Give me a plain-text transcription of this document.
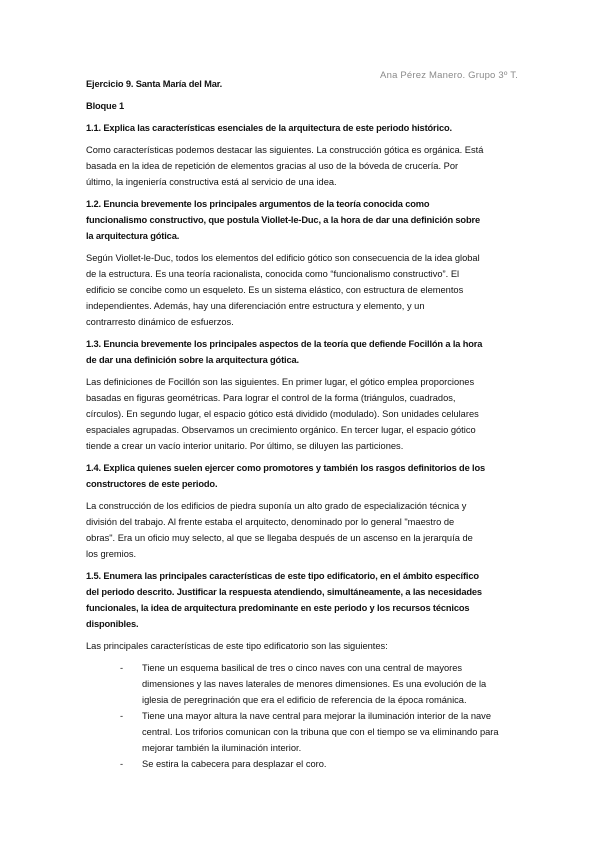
Ana Pérez Manero. Grupo 3º T.
Ejercicio 9. Santa María del Mar.
Bloque 1
1.1. Explica las características esenciales de la arquitectura de este periodo histórico.
Como características podemos destacar las siguientes. La construcción gótica es orgánica. Está
basada en la idea de repetición de elementos gracias al uso de la bóveda de crucería. Por
último, la ingeniería constructiva está al servicio de una idea.
1.2. Enuncia brevemente los principales argumentos de la teoría conocida como
funcionalismo constructivo, que postula Viollet-le-Duc, a la hora de dar una definición sobre
la arquitectura gótica.
Según Viollet-le-Duc, todos los elementos del edificio gótico son consecuencia de la idea global
de la estructura. Es una teoría racionalista, conocida como “funcionalismo constructivo”. El
edificio se concibe como un esqueleto. Es un sistema elástico, con estructura de elementos
independientes. Además, hay una diferenciación entre estructura y elemento, y un
contrarresto dinámico de esfuerzos.
1.3. Enuncia brevemente los principales aspectos de la teoría que defiende Focillón a la hora
de dar una definición sobre la arquitectura gótica.
Las definiciones de Focillón son las siguientes. En primer lugar, el gótico emplea proporciones
basadas en figuras geométricas. Para lograr el control de la forma (triángulos, cuadrados,
círculos). En segundo lugar, el espacio gótico está dividido (modulado). Son unidades celulares
espaciales agrupadas. Observamos un crecimiento orgánico. En tercer lugar, el espacio gótico
tiende a crear un vacío interior unitario. Por último, se diluyen las particiones.
1.4. Explica quienes suelen ejercer como promotores y también los rasgos definitorios de los
constructores de este periodo.
La construcción de los edificios de piedra suponía un alto grado de especialización técnica y
división del trabajo. Al frente estaba el arquitecto, denominado por lo general "maestro de
obras". Era un oficio muy selecto, al que se llegaba después de un ascenso en la jerarquía de
los gremios.
1.5. Enumera las principales características de este tipo edificatorio, en el ámbito específico
del periodo descrito. Justificar la respuesta atendiendo, simultáneamente, a las necesidades
funcionales, la idea de arquitectura predominante en este periodo y los recursos técnicos
disponibles.
Las principales características de este tipo edificatorio son las siguientes:
- Tiene un esquema basilical de tres o cinco naves con una central de mayores
dimensiones y las naves laterales de menores dimensiones. Es una evolución de la
iglesia de peregrinación que era el edificio de referencia de la época románica.
- Tiene una mayor altura la nave central para mejorar la iluminación interior de la nave
central. Los triforios comunican con la tribuna que con el tiempo se va eliminando para
mejorar también la iluminación interior.
- Se estira la cabecera para desplazar el coro.
